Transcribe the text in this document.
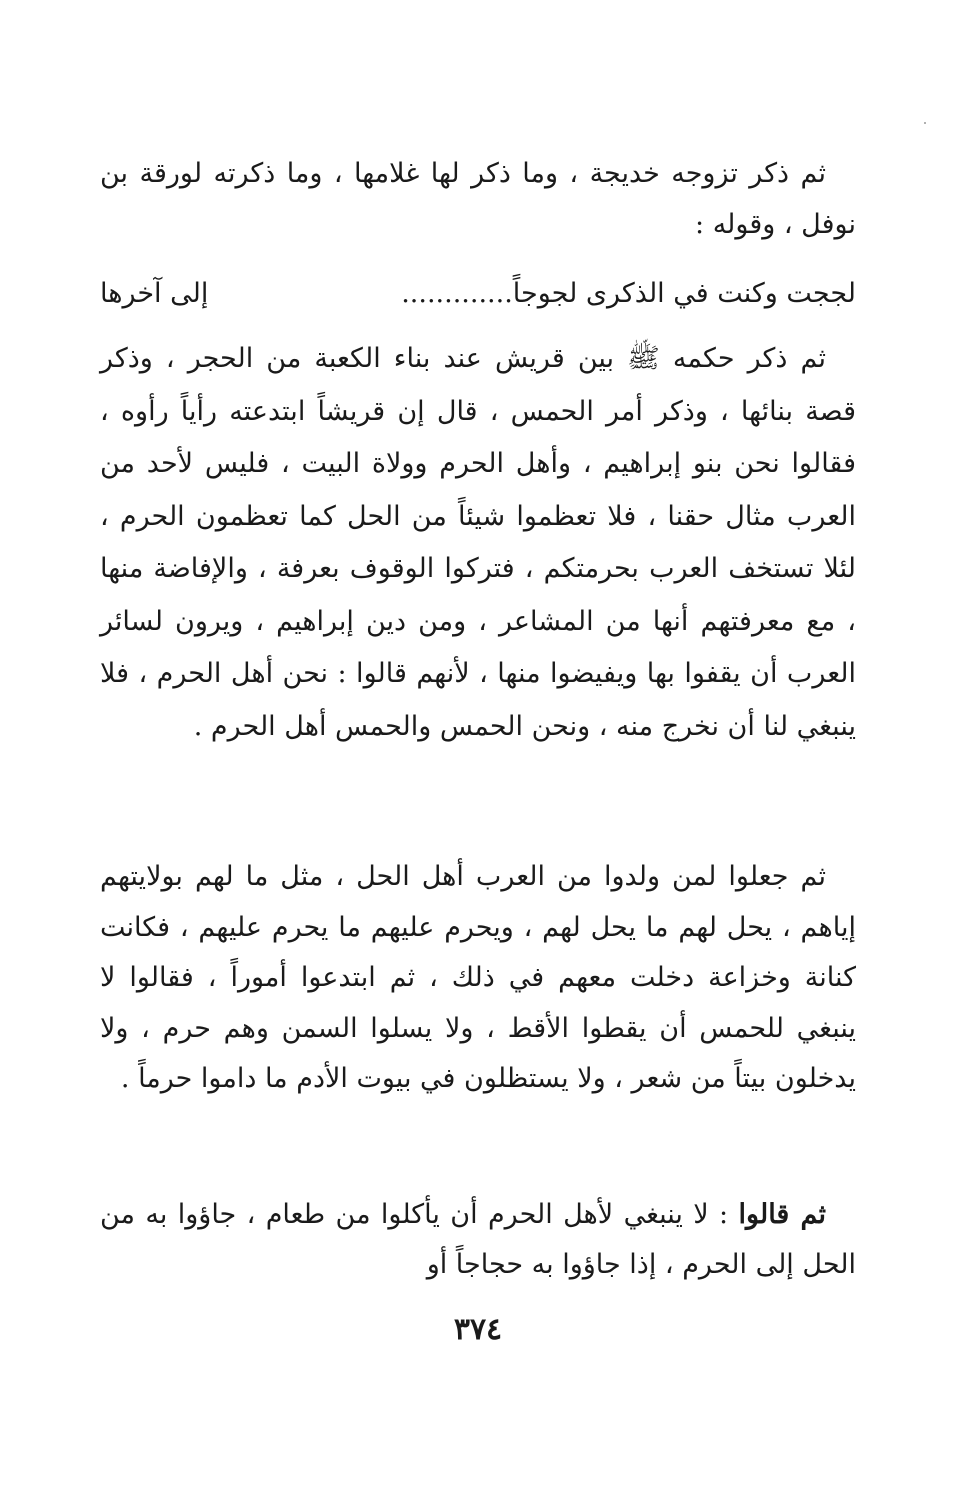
ثم ذكر تزوجه خديجة ، وما ذكر لها غلامها ، وما ذكرته لورقة بن نوفل ، وقوله :

لججت وكنت في الذكرى لجوجاً.............
إلى آخرها

ثم ذكر حكمه ﷺ بين قريش عند بناء الكعبة من الحجر ، وذكر قصة بنائها ، وذكر أمر الحمس ، قال إن قريشاً ابتدعته رأياً رأوه ، فقالوا نحن بنو إبراهيم ، وأهل الحرم وولاة البيت ، فليس لأحد من العرب مثال حقنا ، فلا تعظموا شيئاً من الحل كما تعظمون الحرم ، لئلا تستخف العرب بحرمتكم ، فتركوا الوقوف بعرفة ، والإفاضة منها ، مع معرفتهم أنها من المشاعر ، ومن دين إبراهيم ، ويرون لسائر العرب أن يقفوا بها ويفيضوا منها ، لأنهم قالوا : نحن أهل الحرم ، فلا ينبغي لنا أن نخرج منه ، ونحن الحمس والحمس أهل الحرم .

ثم جعلوا لمن ولدوا من العرب أهل الحل ، مثل ما لهم بولايتهم إياهم ، يحل لهم ما يحل لهم ، ويحرم عليهم ما يحرم عليهم ، فكانت كنانة وخزاعة دخلت معهم في ذلك ، ثم ابتدعوا أموراً ، فقالوا لا ينبغي للحمس أن يقطوا الأقط ، ولا يسلوا السمن وهم حرم ، ولا يدخلون بيتاً من شعر ، ولا يستظلون في بيوت الأدم ما داموا حرماً .

ثم قالوا : لا ينبغي لأهل الحرم أن يأكلوا من طعام ، جاؤوا به من الحل إلى الحرم ، إذا جاؤوا به حجاجاً أو

٣٧٤
